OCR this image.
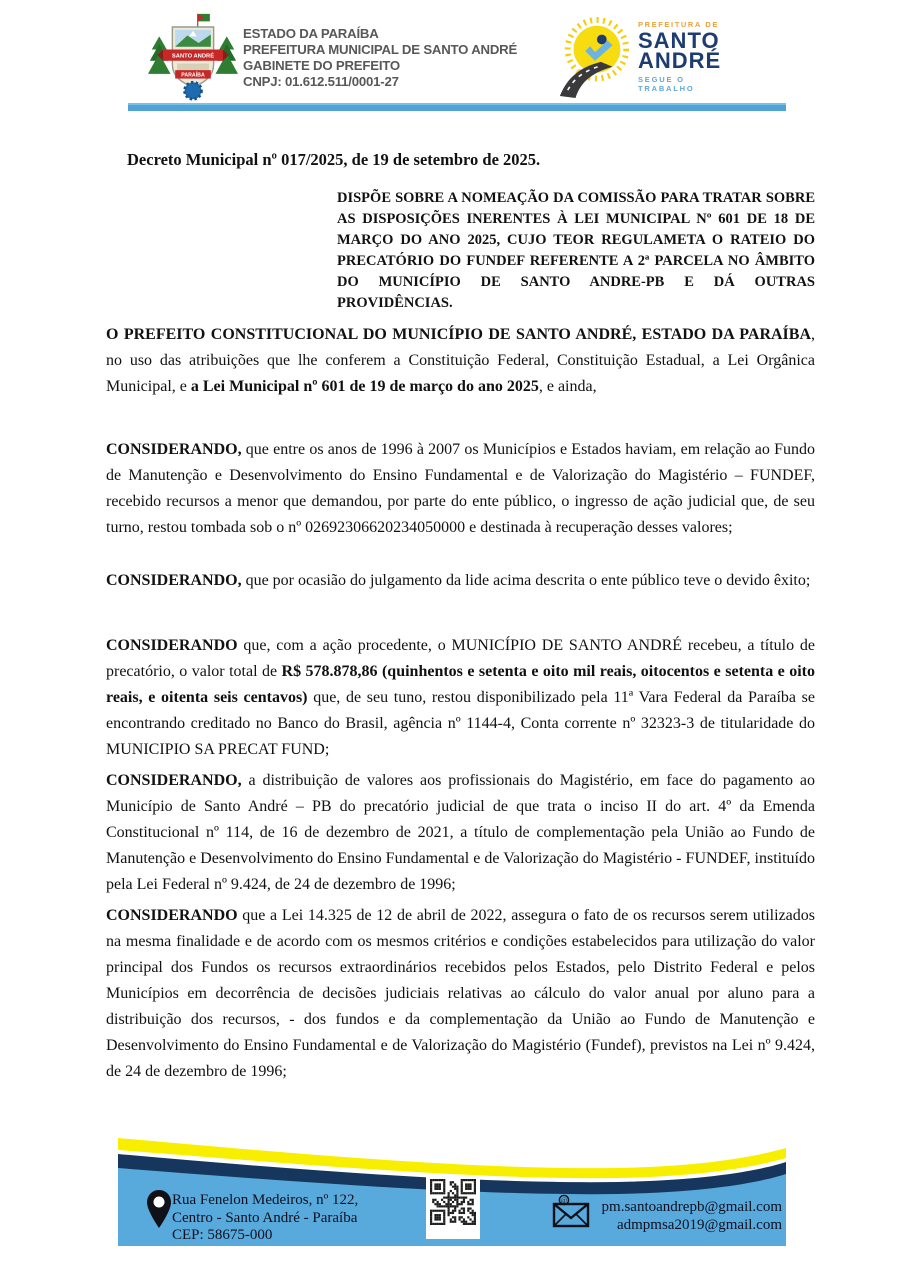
SANTO ANDRÉ
PARAÍBA
ESTADO DA PARAÍBA
PREFEITURA MUNICIPAL DE SANTO ANDRÉ
GABINETE DO PREFEITO
CNPJ: 01.612.511/0001-27
PREFEITURA DE
SANTO
ANDRÉ
SEGUE O TRABALHO
Decreto Municipal nº 017/2025, de 19 de setembro de 2025.

DISPÕE SOBRE A NOMEAÇÃO DA COMISSÃO PARA TRATAR SOBRE AS DISPOSIÇÕES INERENTES À LEI MUNICIPAL Nº 601 DE 18 DE MARÇO DO ANO 2025, CUJO TEOR REGULAMETA O RATEIO DO PRECATÓRIO DO FUNDEF REFERENTE A 2ª PARCELA NO ÂMBITO DO MUNICÍPIO DE SANTO ANDRE-PB E DÁ OUTRAS PROVIDÊNCIAS.

O PREFEITO CONSTITUCIONAL DO MUNICÍPIO DE SANTO ANDRÉ, ESTADO DA PARAÍBA, no uso das atribuições que lhe conferem a Constituição Federal, Constituição Estadual, a Lei Orgânica Municipal, e a Lei Municipal nº 601 de 19 de março do ano 2025, e ainda,

CONSIDERANDO, que entre os anos de 1996 à 2007 os Municípios e Estados haviam, em relação ao Fundo de Manutenção e Desenvolvimento do Ensino Fundamental e de Valorização do Magistério – FUNDEF, recebido recursos a menor que demandou, por parte do ente público, o ingresso de ação judicial que, de seu turno, restou tombada sob o nº 02692306620234050000 e destinada à recuperação desses valores;

CONSIDERANDO, que por ocasião do julgamento da lide acima descrita o ente público teve o devido êxito;

CONSIDERANDO que, com a ação procedente, o MUNICÍPIO DE SANTO ANDRÉ recebeu, a título de precatório, o valor total de R$ 578.878,86 (quinhentos e setenta e oito mil reais, oitocentos e setenta e oito reais, e oitenta seis centavos) que, de seu tuno, restou disponibilizado pela 11ª Vara Federal da Paraíba se encontrando creditado no Banco do Brasil, agência nº 1144-4, Conta corrente nº 32323-3 de titularidade do MUNICIPIO SA PRECAT FUND;

CONSIDERANDO, a distribuição de valores aos profissionais do Magistério, em face do pagamento ao Município de Santo André – PB do precatório judicial de que trata o inciso II do art. 4º da Emenda Constitucional nº 114, de 16 de dezembro de 2021, a título de complementação pela União ao Fundo de Manutenção e Desenvolvimento do Ensino Fundamental e de Valorização do Magistério - FUNDEF, instituído pela Lei Federal nº 9.424, de 24 de dezembro de 1996;

CONSIDERANDO que a Lei 14.325 de 12 de abril de 2022, assegura o fato de os recursos serem utilizados na mesma finalidade e de acordo com os mesmos critérios e condições estabelecidos para utilização do valor principal dos Fundos os recursos extraordinários recebidos pelos Estados, pelo Distrito Federal e pelos Municípios em decorrência de decisões judiciais relativas ao cálculo do valor anual por aluno para a distribuição dos recursos, - dos fundos e da complementação da União ao Fundo de Manutenção e Desenvolvimento do Ensino Fundamental e de Valorização do Magistério (Fundef), previstos na Lei nº 9.424, de 24 de dezembro de 1996;

Rua Fenelon Medeiros, nº 122,
Centro - Santo André - Paraíba
CEP: 58675-000
@	pm.santoandrepb@gmail.com
admpmsa2019@gmail.com
